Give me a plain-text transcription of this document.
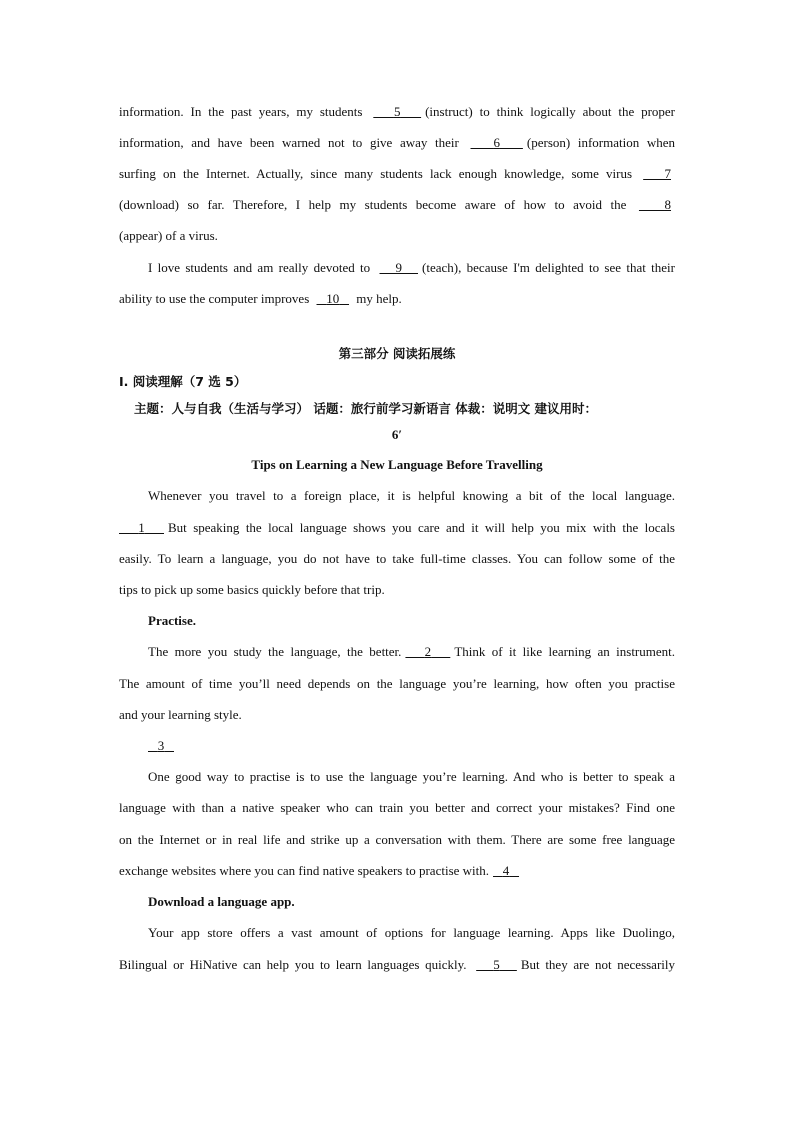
information. In the past years, my students    5 (instruct) to think logically about the proper
information, and have been warned not to give away their    6 (person) information when
surfing on the Internet. Actually, since many students lack enough knowledge, some virus    7
(download) so far. Therefore, I help my students become aware of how to avoid the    8
(appear) of a virus.
I love students and am really devoted to    9 (teach), because I'm delighted to see that their
ability to use the computer improves    10    my help.
第三部分 阅读拓展练
I. 阅读理解（7 选 5）
主题：人与自我（生活与学习） 话题：旅行前学习新语言 体裁：说明文 建议用时：
6′
Tips on Learning a New Language Before Travelling
Whenever you travel to a foreign place, it is helpful knowing a bit of the local language.
1 But speaking the local language shows you care and it will help you mix with the locals
easily. To learn a language, you do not have to take full-time classes. You can follow some of the
tips to pick up some basics quickly before that trip.
Practise.
The more you study the language, the better. 2 Think of it like learning an instrument.
The amount of time you’ll need depends on the language you’re learning, how often you practise
and your learning style.
3
One good way to practise is to use the language you’re learning. And who is better to speak a
language with than a native speaker who can train you better and correct your mistakes? Find one
on the Internet or in real life and strike up a conversation with them. There are some free language
exchange websites where you can find native speakers to practise with. 4
Download a language app.
Your app store offers a vast amount of options for language learning. Apps like Duolingo,
Bilingual or HiNative can help you to learn languages quickly.    5 But they are not necessarily
